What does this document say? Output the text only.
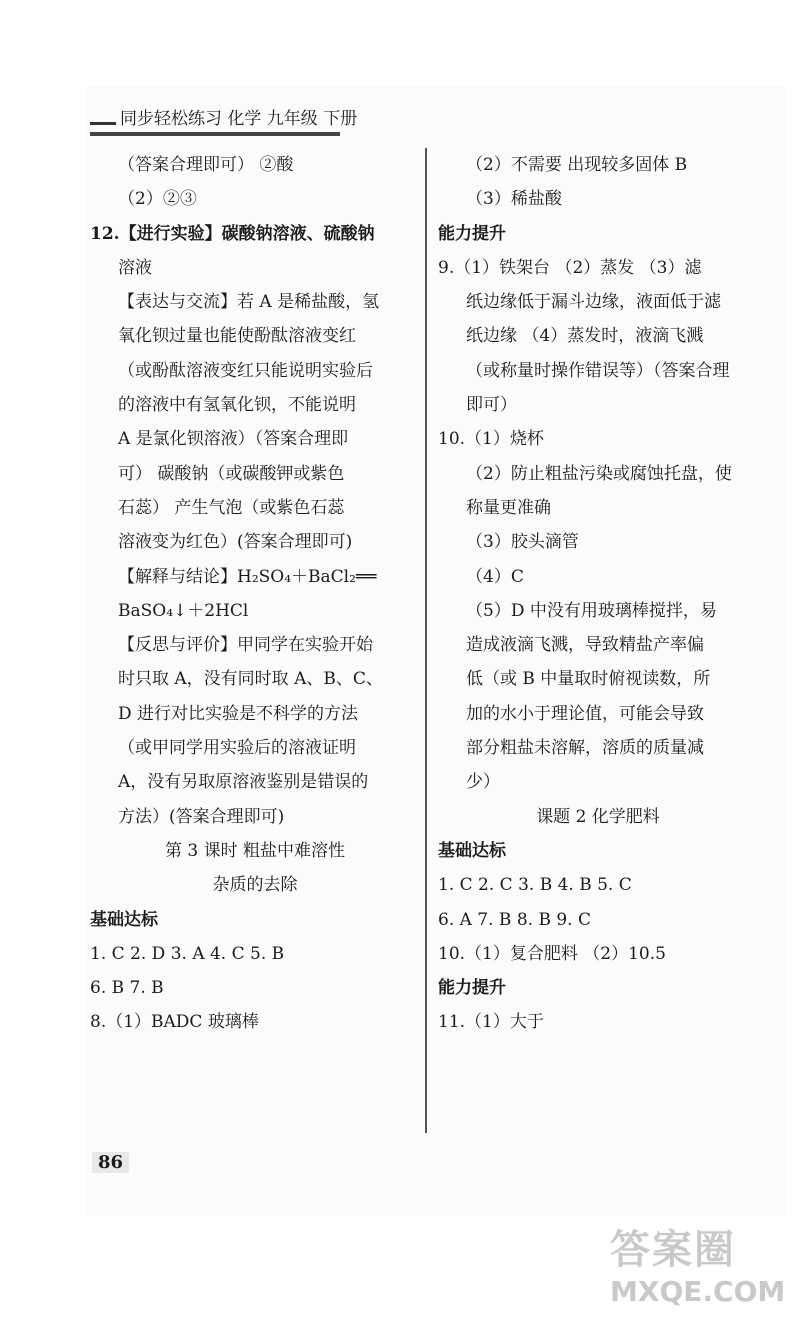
同步轻松练习 化学 九年级 下册
（答案合理即可） ②酸
（2）②③
12.【进行实验】碳酸钠溶液、硫酸钠
溶液
【表达与交流】若 A 是稀盐酸，氢
氧化钡过量也能使酚酞溶液变红
（或酚酞溶液变红只能说明实验后
的溶液中有氢氧化钡，不能说明
A 是氯化钡溶液）（答案合理即
可） 碳酸钠（或碳酸钾或紫色
石蕊） 产生气泡（或紫色石蕊
溶液变为红色）(答案合理即可)
【解释与结论】H₂SO₄＋BaCl₂══
BaSO₄↓＋2HCl
【反思与评价】甲同学在实验开始
时只取 A，没有同时取 A、B、C、
D 进行对比实验是不科学的方法
（或甲同学用实验后的溶液证明
A，没有另取原溶液鉴别是错误的
方法）(答案合理即可)
第 3 课时 粗盐中难溶性
杂质的去除
基础达标
1. C 2. D 3. A 4. C 5. B
6. B 7. B
8.（1）BADC 玻璃棒
（2）不需要 出现较多固体 B
（3）稀盐酸
能力提升
9.（1）铁架台 （2）蒸发 （3）滤
纸边缘低于漏斗边缘，液面低于滤
纸边缘 （4）蒸发时，液滴飞溅
（或称量时操作错误等）（答案合理
即可）
10.（1）烧杯
（2）防止粗盐污染或腐蚀托盘，使
称量更准确
（3）胶头滴管
（4）C
（5）D 中没有用玻璃棒搅拌，易
造成液滴飞溅，导致精盐产率偏
低（或 B 中量取时俯视读数，所
加的水小于理论值，可能会导致
部分粗盐未溶解，溶质的质量减
少）
课题 2 化学肥料
基础达标
1. C 2. C 3. B 4. B 5. C
6. A 7. B 8. B 9. C
10.（1）复合肥料 （2）10.5
能力提升
11.（1）大于
86
答案圈
MXQE.COM
